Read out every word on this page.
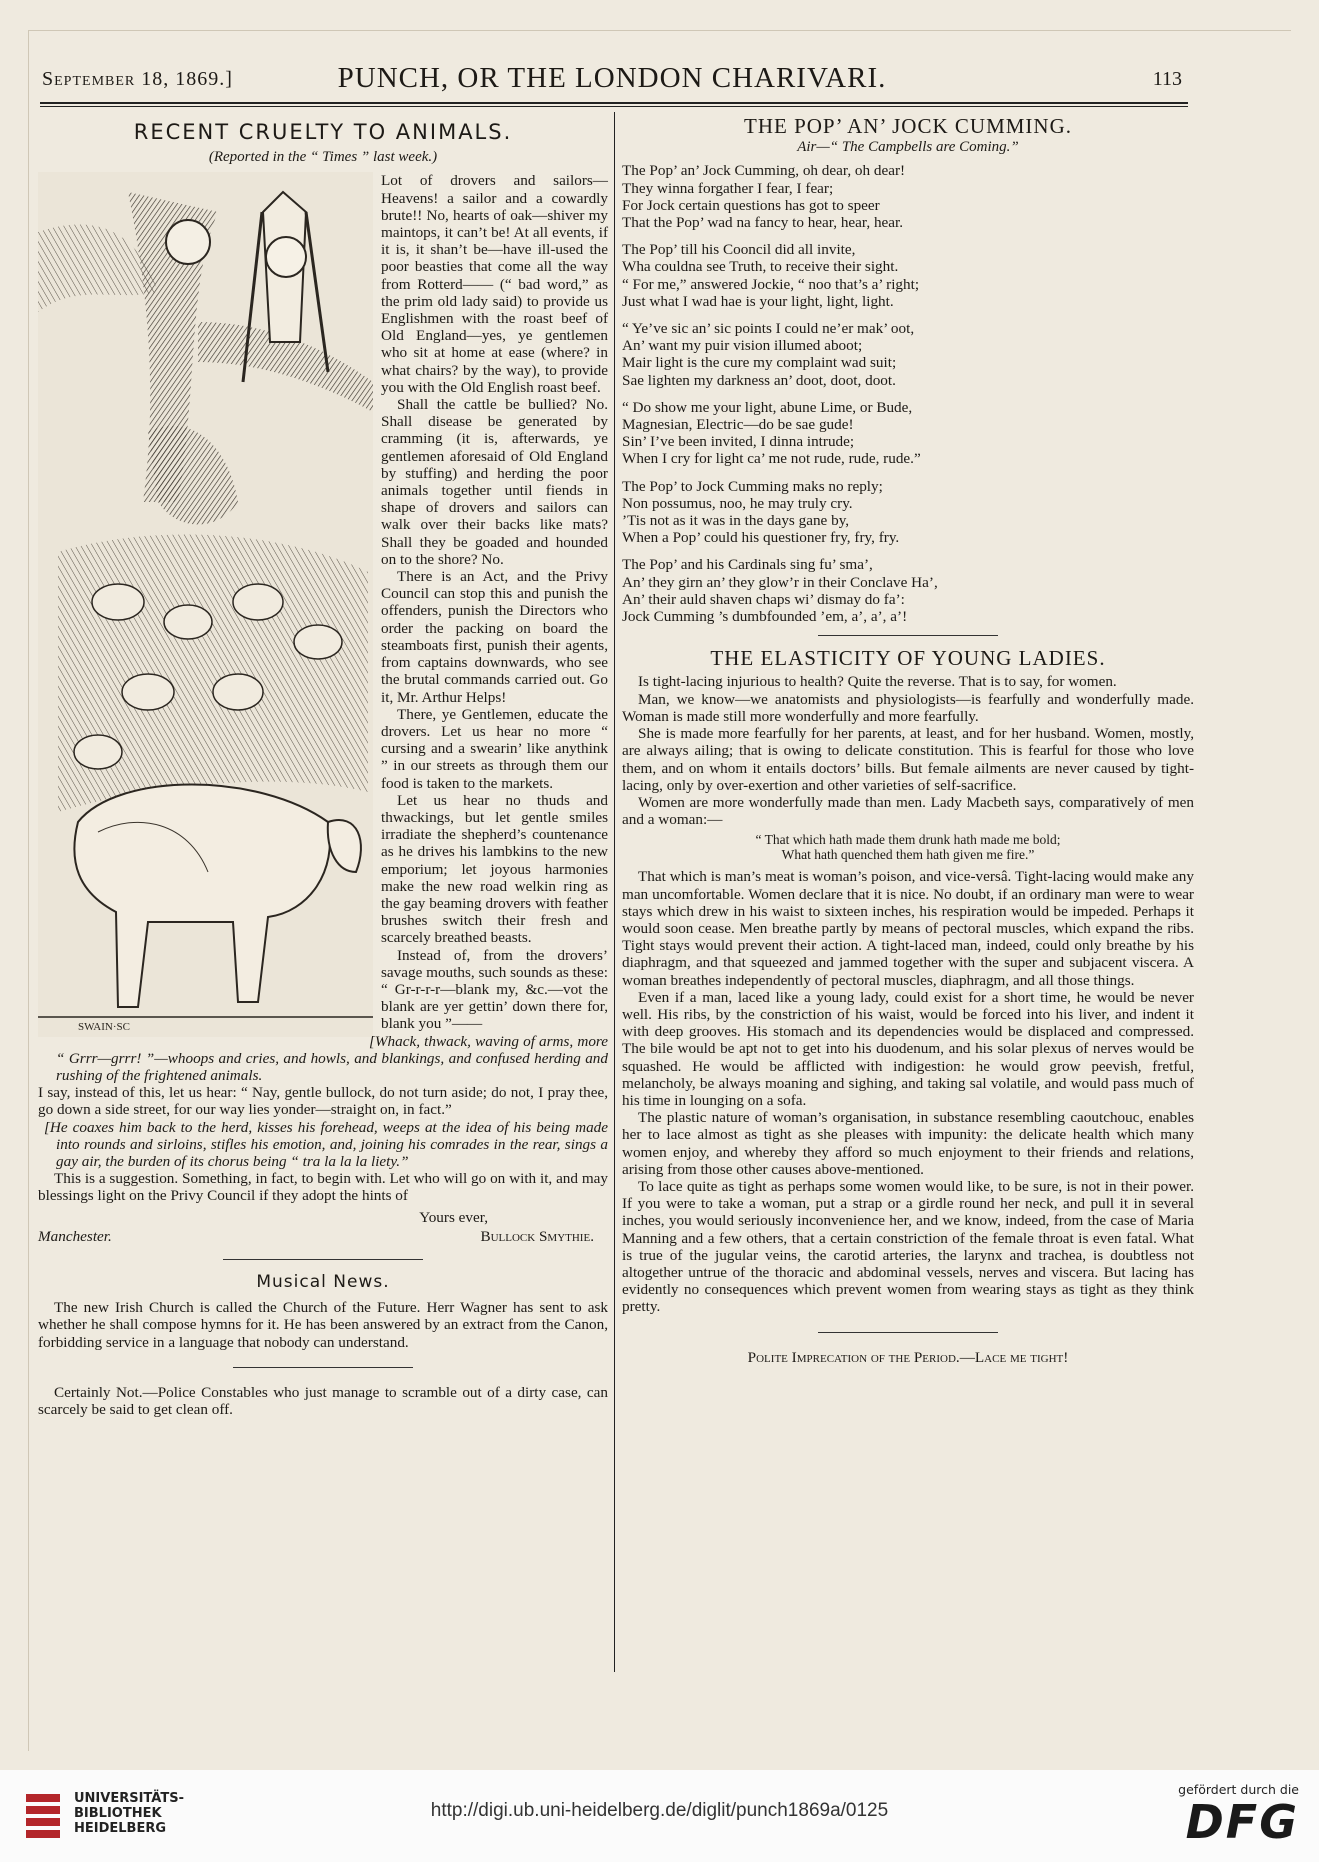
September 18, 1869.]	PUNCH, OR THE LONDON CHARIVARI.	113
RECENT CRUELTY TO ANIMALS.
(Reported in the “ Times ” last week.)
SWAIN·SC

Lot of drovers and sailors—Heavens! a sailor and a cowardly brute!! No, hearts of oak—shiver my maintops, it can’t be! At all events, if it is, it shan’t be—have ill-used the poor beasties that come all the way from Rotterd—— (“ bad word,” as the prim old lady said) to provide us Englishmen with the roast beef of Old England—yes, ye gentlemen who sit at home at ease (where? in what chairs? by the way), to provide you with the Old English roast beef.

Shall the cattle be bullied? No. Shall disease be generated by cramming (it is, afterwards, ye gentlemen aforesaid of Old England by stuffing) and herding the poor animals together until fiends in shape of drovers and sailors can walk over their backs like mats? Shall they be goaded and hounded on to the shore? No.

There is an Act, and the Privy Council can stop this and punish the offenders, punish the Directors who order the packing on board the steamboats first, punish their agents, from captains downwards, who see the brutal commands carried out. Go it, Mr. Arthur Helps!

There, ye Gentlemen, educate the drovers. Let us hear no more “ cursing and a swearin’ like anythink ” in our streets as through them our food is taken to the markets.

Let us hear no thuds and thwackings, but let gentle smiles irradiate the shepherd’s countenance as he drives his lambkins to the new emporium; let joyous harmonies make the new road welkin ring as the gay beaming drovers with feather brushes switch their fresh and scarcely breathed beasts.

Instead of, from the drovers’ savage mouths, such sounds as these: “ Gr-r-r-r—blank my, &c.—vot the blank are yer gettin’ down there for, blank you ”——

[Whack, thwack, waving of arms, more “ Grrr—grrr! ”—whoops and cries, and howls, and blankings, and confused herding and rushing of the frightened animals.

I say, instead of this, let us hear: “ Nay, gentle bullock, do not turn aside; do not, I pray thee, go down a side street, for our way lies yonder—straight on, in fact.”

[He coaxes him back to the herd, kisses his forehead, weeps at the idea of his being made into rounds and sirloins, stifles his emotion, and, joining his comrades in the rear, sings a gay air, the burden of its chorus being “ tra la la la liety.”

This is a suggestion. Something, in fact, to begin with. Let who will go on with it, and may blessings light on the Privy Council if they adopt the hints of

Yours ever,
Manchester.	Bullock Smythie.
Musical News.

The new Irish Church is called the Church of the Future. Herr Wagner has sent to ask whether he shall compose hymns for it. He has been answered by an extract from the Canon, forbidding service in a language that nobody can understand.

Certainly Not.—Police Constables who just manage to scramble out of a dirty case, can scarcely be said to get clean off.

THE POP’ AN’ JOCK CUMMING.
Air—“ The Campbells are Coming.”

The Pop’ an’ Jock Cumming, oh dear, oh dear!

They winna forgather I fear, I fear;

For Jock certain questions has got to speer

That the Pop’ wad na fancy to hear, hear, hear.

The Pop’ till his Cooncil did all invite,

Wha couldna see Truth, to receive their sight.

“ For me,” answered Jockie, “ noo that’s a’ right;

Just what I wad hae is your light, light, light.

“ Ye’ve sic an’ sic points I could ne’er mak’ oot,

An’ want my puir vision illumed aboot;

Mair light is the cure my complaint wad suit;

Sae lighten my darkness an’ doot, doot, doot.

“ Do show me your light, abune Lime, or Bude,

Magnesian, Electric—do be sae gude!

Sin’ I’ve been invited, I dinna intrude;

When I cry for light ca’ me not rude, rude, rude.”

The Pop’ to Jock Cumming maks no reply;

Non possumus, noo, he may truly cry.

’Tis not as it was in the days gane by,

When a Pop’ could his questioner fry, fry, fry.

The Pop’ and his Cardinals sing fu’ sma’,

An’ they girn an’ they glow’r in their Conclave Ha’,

An’ their auld shaven chaps wi’ dismay do fa’:

Jock Cumming ’s dumbfounded ’em, a’, a’, a’!

THE ELASTICITY OF YOUNG LADIES.

Is tight-lacing injurious to health? Quite the reverse. That is to say, for women.

Man, we know—we anatomists and physiologists—is fearfully and wonderfully made. Woman is made still more wonderfully and more fearfully.

She is made more fearfully for her parents, at least, and for her husband. Women, mostly, are always ailing; that is owing to delicate constitution. This is fearful for those who love them, and on whom it entails doctors’ bills. But female ailments are never caused by tight-lacing, only by over-exertion and other varieties of self-sacrifice.

Women are more wonderfully made than men. Lady Macbeth says, comparatively of men and a woman:—

“ That which hath made them drunk hath made me bold;
What hath quenched them hath given me fire.”

That which is man’s meat is woman’s poison, and vice-versâ. Tight-lacing would make any man uncomfortable. Women declare that it is nice. No doubt, if an ordinary man were to wear stays which drew in his waist to sixteen inches, his respiration would be impeded. Perhaps it would soon cease. Men breathe partly by means of pectoral muscles, which expand the ribs. Tight stays would prevent their action. A tight-laced man, indeed, could only breathe by his diaphragm, and that squeezed and jammed together with the super and subjacent viscera. A woman breathes independently of pectoral muscles, diaphragm, and all those things.

Even if a man, laced like a young lady, could exist for a short time, he would be never well. His ribs, by the constriction of his waist, would be forced into his liver, and indent it with deep grooves. His stomach and its dependencies would be displaced and compressed. The bile would be apt not to get into his duodenum, and his solar plexus of nerves would be squashed. He would be afflicted with indigestion: he would grow peevish, fretful, melancholy, be always moaning and sighing, and taking sal volatile, and would pass much of his time in lounging on a sofa.

The plastic nature of woman’s organisation, in substance resembling caoutchouc, enables her to lace almost as tight as she pleases with impunity: the delicate health which many women enjoy, and whereby they afford so much enjoyment to their friends and relations, arising from those other causes above-mentioned.

To lace quite as tight as perhaps some women would like, to be sure, is not in their power. If you were to take a woman, put a strap or a girdle round her neck, and pull it in several inches, you would seriously inconvenience her, and we know, indeed, from the case of Maria Manning and a few others, that a certain constriction of the female throat is even fatal. What is true of the jugular veins, the carotid arteries, the larynx and trachea, is doubtless not altogether untrue of the thoracic and abdominal vessels, nerves and viscera. But lacing has evidently no consequences which prevent women from wearing stays as tight as they think pretty.

Polite Imprecation of the Period.—Lace me tight!

UNIVERSITÄTS-
BIBLIOTHEK
HEIDELBERG
http://digi.ub.uni-heidelberg.de/diglit/punch1869a/0125
gefördert durch die
DFG
